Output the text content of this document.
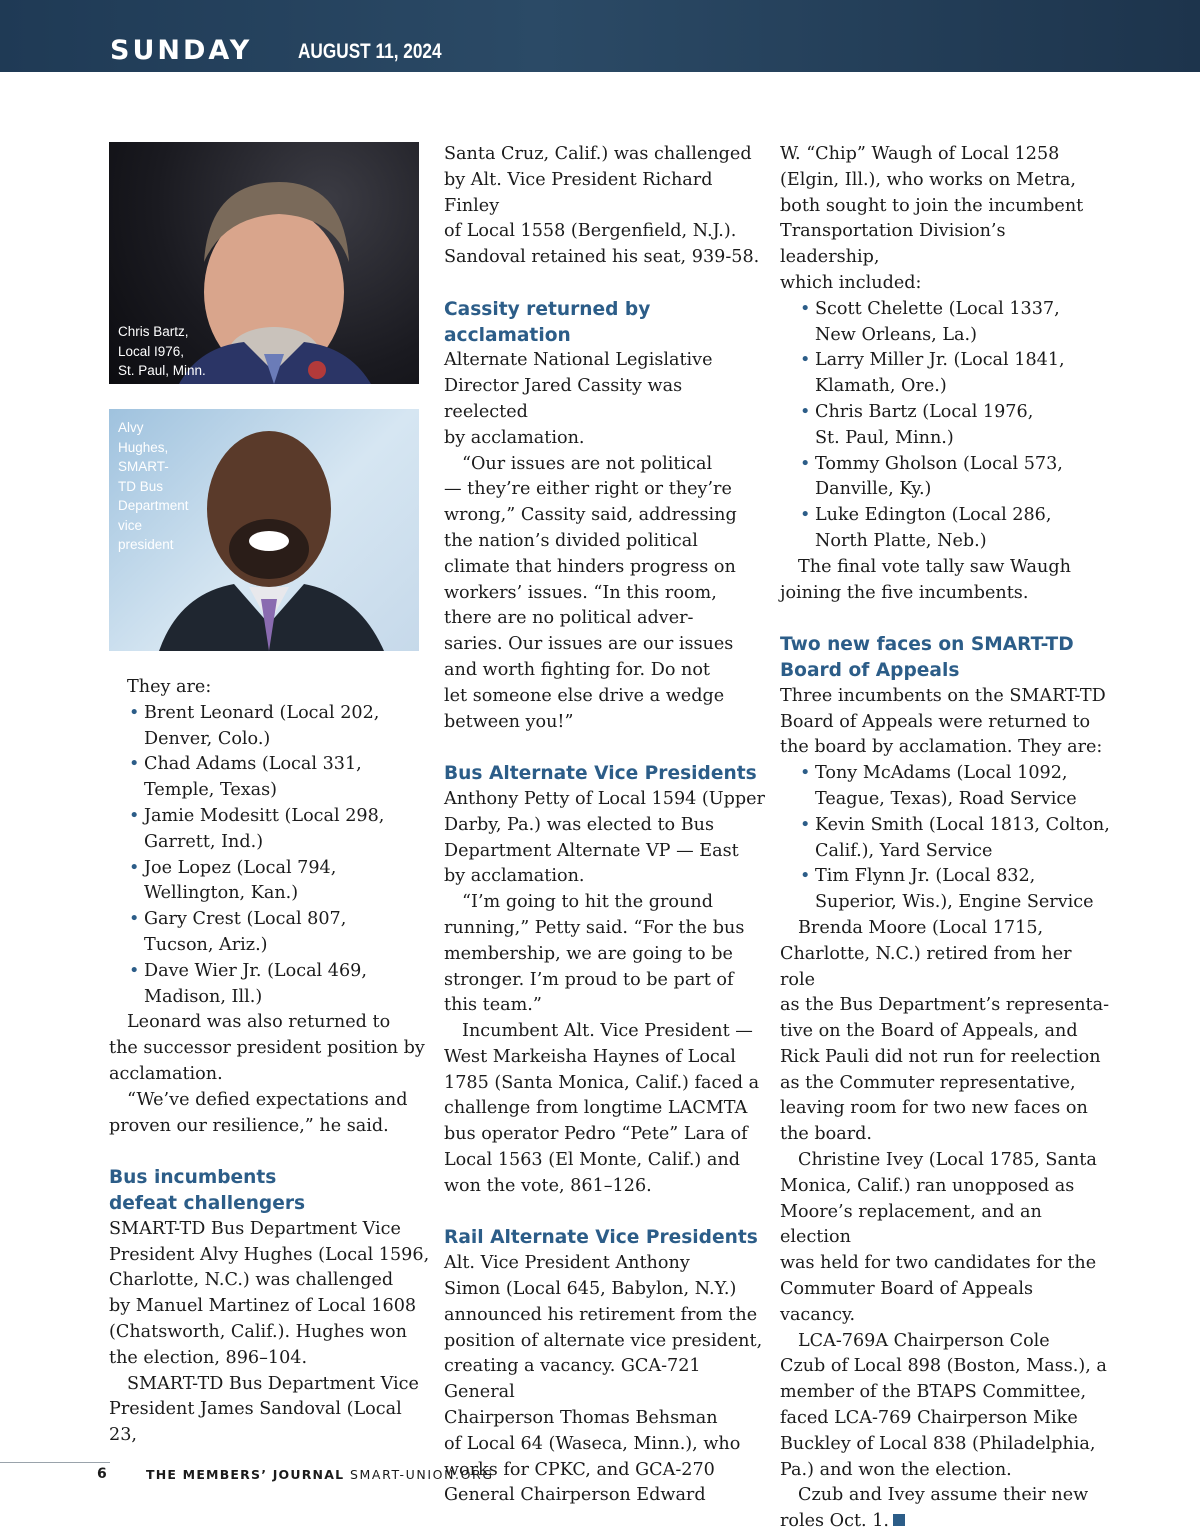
SUNDAY AUGUST 11, 2024
Chris Bartz,
Local I976,
St. Paul, Minn.
Alvy
Hughes,
SMART-
TD Bus
Department
vice
president

They are:

• Brent Leonard (Local 202,
Denver, Colo.)
• Chad Adams (Local 331,
Temple, Texas)
• Jamie Modesitt (Local 298,
Garrett, Ind.)
• Joe Lopez (Local 794,
Wellington, Kan.)
• Gary Crest (Local 807,
Tucson, Ariz.)
• Dave Wier Jr. (Local 469,
Madison, Ill.)
Leonard was also returned to
the successor president position by
acclamation.
“We’ve defied expectations and
proven our resilience,” he said.
Bus incumbents
defeat challengers
SMART-TD Bus Department Vice
President Alvy Hughes (Local 1596,
Charlotte, N.C.) was challenged
by Manuel Martinez of Local 1608
(Chatsworth, Calif.). Hughes won
the election, 896–104.
SMART-TD Bus Department Vice
President James Sandoval (Local 23,
Santa Cruz, Calif.) was challenged
by Alt. Vice President Richard Finley
of Local 1558 (Bergenfield, N.J.).
Sandoval retained his seat, 939-58.
Cassity returned by
acclamation
Alternate National Legislative
Director Jared Cassity was reelected
by acclamation.
“Our issues are not political
— they’re either right or they’re
wrong,” Cassity said, addressing
the nation’s divided political
climate that hinders progress on
workers’ issues. “In this room,
there are no political adver-
saries. Our issues are our issues
and worth fighting for. Do not
let someone else drive a wedge
between you!”
Bus Alternate Vice Presidents
Anthony Petty of Local 1594 (Upper
Darby, Pa.) was elected to Bus
Department Alternate VP — East
by acclamation.
“I’m going to hit the ground
running,” Petty said. “For the bus
membership, we are going to be
stronger. I’m proud to be part of
this team.”
Incumbent Alt. Vice President —
West Markeisha Haynes of Local
1785 (Santa Monica, Calif.) faced a
challenge from longtime LACMTA
bus operator Pedro “Pete” Lara of
Local 1563 (El Monte, Calif.) and
won the vote, 861–126.
Rail Alternate Vice Presidents
Alt. Vice President Anthony
Simon (Local 645, Babylon, N.Y.)
announced his retirement from the
position of alternate vice president,
creating a vacancy. GCA-721 General
Chairperson Thomas Behsman
of Local 64 (Waseca, Minn.), who
works for CPKC, and GCA-270
General Chairperson Edward
W. “Chip” Waugh of Local 1258
(Elgin, Ill.), who works on Metra,
both sought to join the incumbent
Transportation Division’s leadership,
which included:
• Scott Chelette (Local 1337,
New Orleans, La.)
• Larry Miller Jr. (Local 1841,
Klamath, Ore.)
• Chris Bartz (Local 1976,
St. Paul, Minn.)
• Tommy Gholson (Local 573,
Danville, Ky.)
• Luke Edington (Local 286,
North Platte, Neb.)
The final vote tally saw Waugh
joining the five incumbents.
Two new faces on SMART-TD
Board of Appeals
Three incumbents on the SMART-TD
Board of Appeals were returned to
the board by acclamation. They are:
• Tony McAdams (Local 1092,
Teague, Texas), Road Service
• Kevin Smith (Local 1813, Colton,
Calif.), Yard Service
• Tim Flynn Jr. (Local 832,
Superior, Wis.), Engine Service
Brenda Moore (Local 1715,
Charlotte, N.C.) retired from her role
as the Bus Department’s representa-
tive on the Board of Appeals, and
Rick Pauli did not run for reelection
as the Commuter representative,
leaving room for two new faces on
the board.
Christine Ivey (Local 1785, Santa
Monica, Calif.) ran unopposed as
Moore’s replacement, and an election
was held for two candidates for the
Commuter Board of Appeals vacancy.
LCA-769A Chairperson Cole
Czub of Local 898 (Boston, Mass.), a
member of the BTAPS Committee,
faced LCA-769 Chairperson Mike
Buckley of Local 838 (Philadelphia,
Pa.) and won the election.
Czub and Ivey assume their new
roles Oct. 1.
6	THE MEMBERS’ JOURNAL SMART-UNION.ORG
